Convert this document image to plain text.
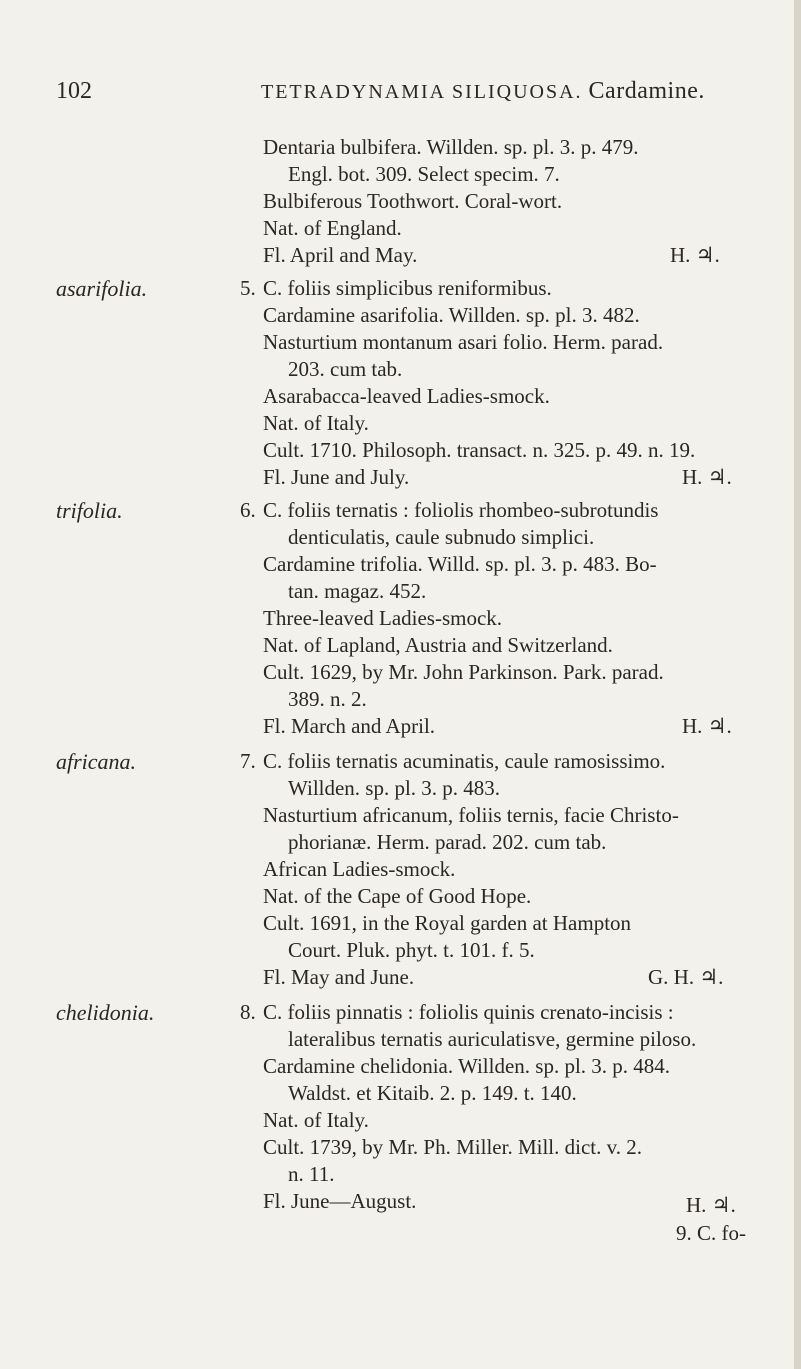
102	TETRADYNAMIA SILIQUOSA. Cardamine.
Dentaria bulbifera. Willden. sp. pl. 3. p. 479.
Engl. bot. 309. Select specim. 7.
Bulbiferous Toothwort. Coral-wort.
Nat. of England.
Fl. April and May.	H. ♃.
asarifolia.	5. C. foliis simplicibus reniformibus.
Cardamine asarifolia. Willden. sp. pl. 3. 482.
Nasturtium montanum asari folio. Herm. parad.
203. cum tab.
Asarabacca-leaved Ladies-smock.
Nat. of Italy.
Cult. 1710. Philosoph. transact. n. 325. p. 49. n. 19.
Fl. June and July.	H. ♃.
trifolia.	6. C. foliis ternatis : foliolis rhombeo-subrotundis
denticulatis, caule subnudo simplici.
Cardamine trifolia. Willd. sp. pl. 3. p. 483. Bo-
tan. magaz. 452.
Three-leaved Ladies-smock.
Nat. of Lapland, Austria and Switzerland.
Cult. 1629, by Mr. John Parkinson. Park. parad.
389. n. 2.
Fl. March and April.	H. ♃.
africana.	7. C. foliis ternatis acuminatis, caule ramosissimo.
Willden. sp. pl. 3. p. 483.
Nasturtium africanum, foliis ternis, facie Christo-
phorianæ. Herm. parad. 202. cum tab.
African Ladies-smock.
Nat. of the Cape of Good Hope.
Cult. 1691, in the Royal garden at Hampton
Court. Pluk. phyt. t. 101. f. 5.
Fl. May and June.	G. H. ♃.
chelidonia.	8. C. foliis pinnatis : foliolis quinis crenato-incisis :
lateralibus ternatis auriculatisve, germine piloso.
Cardamine chelidonia. Willden. sp. pl. 3. p. 484.
Waldst. et Kitaib. 2. p. 149. t. 140.
Nat. of Italy.
Cult. 1739, by Mr. Ph. Miller. Mill. dict. v. 2.
n. 11.
Fl. June—August.	H. ♃.
9. C. fo-
